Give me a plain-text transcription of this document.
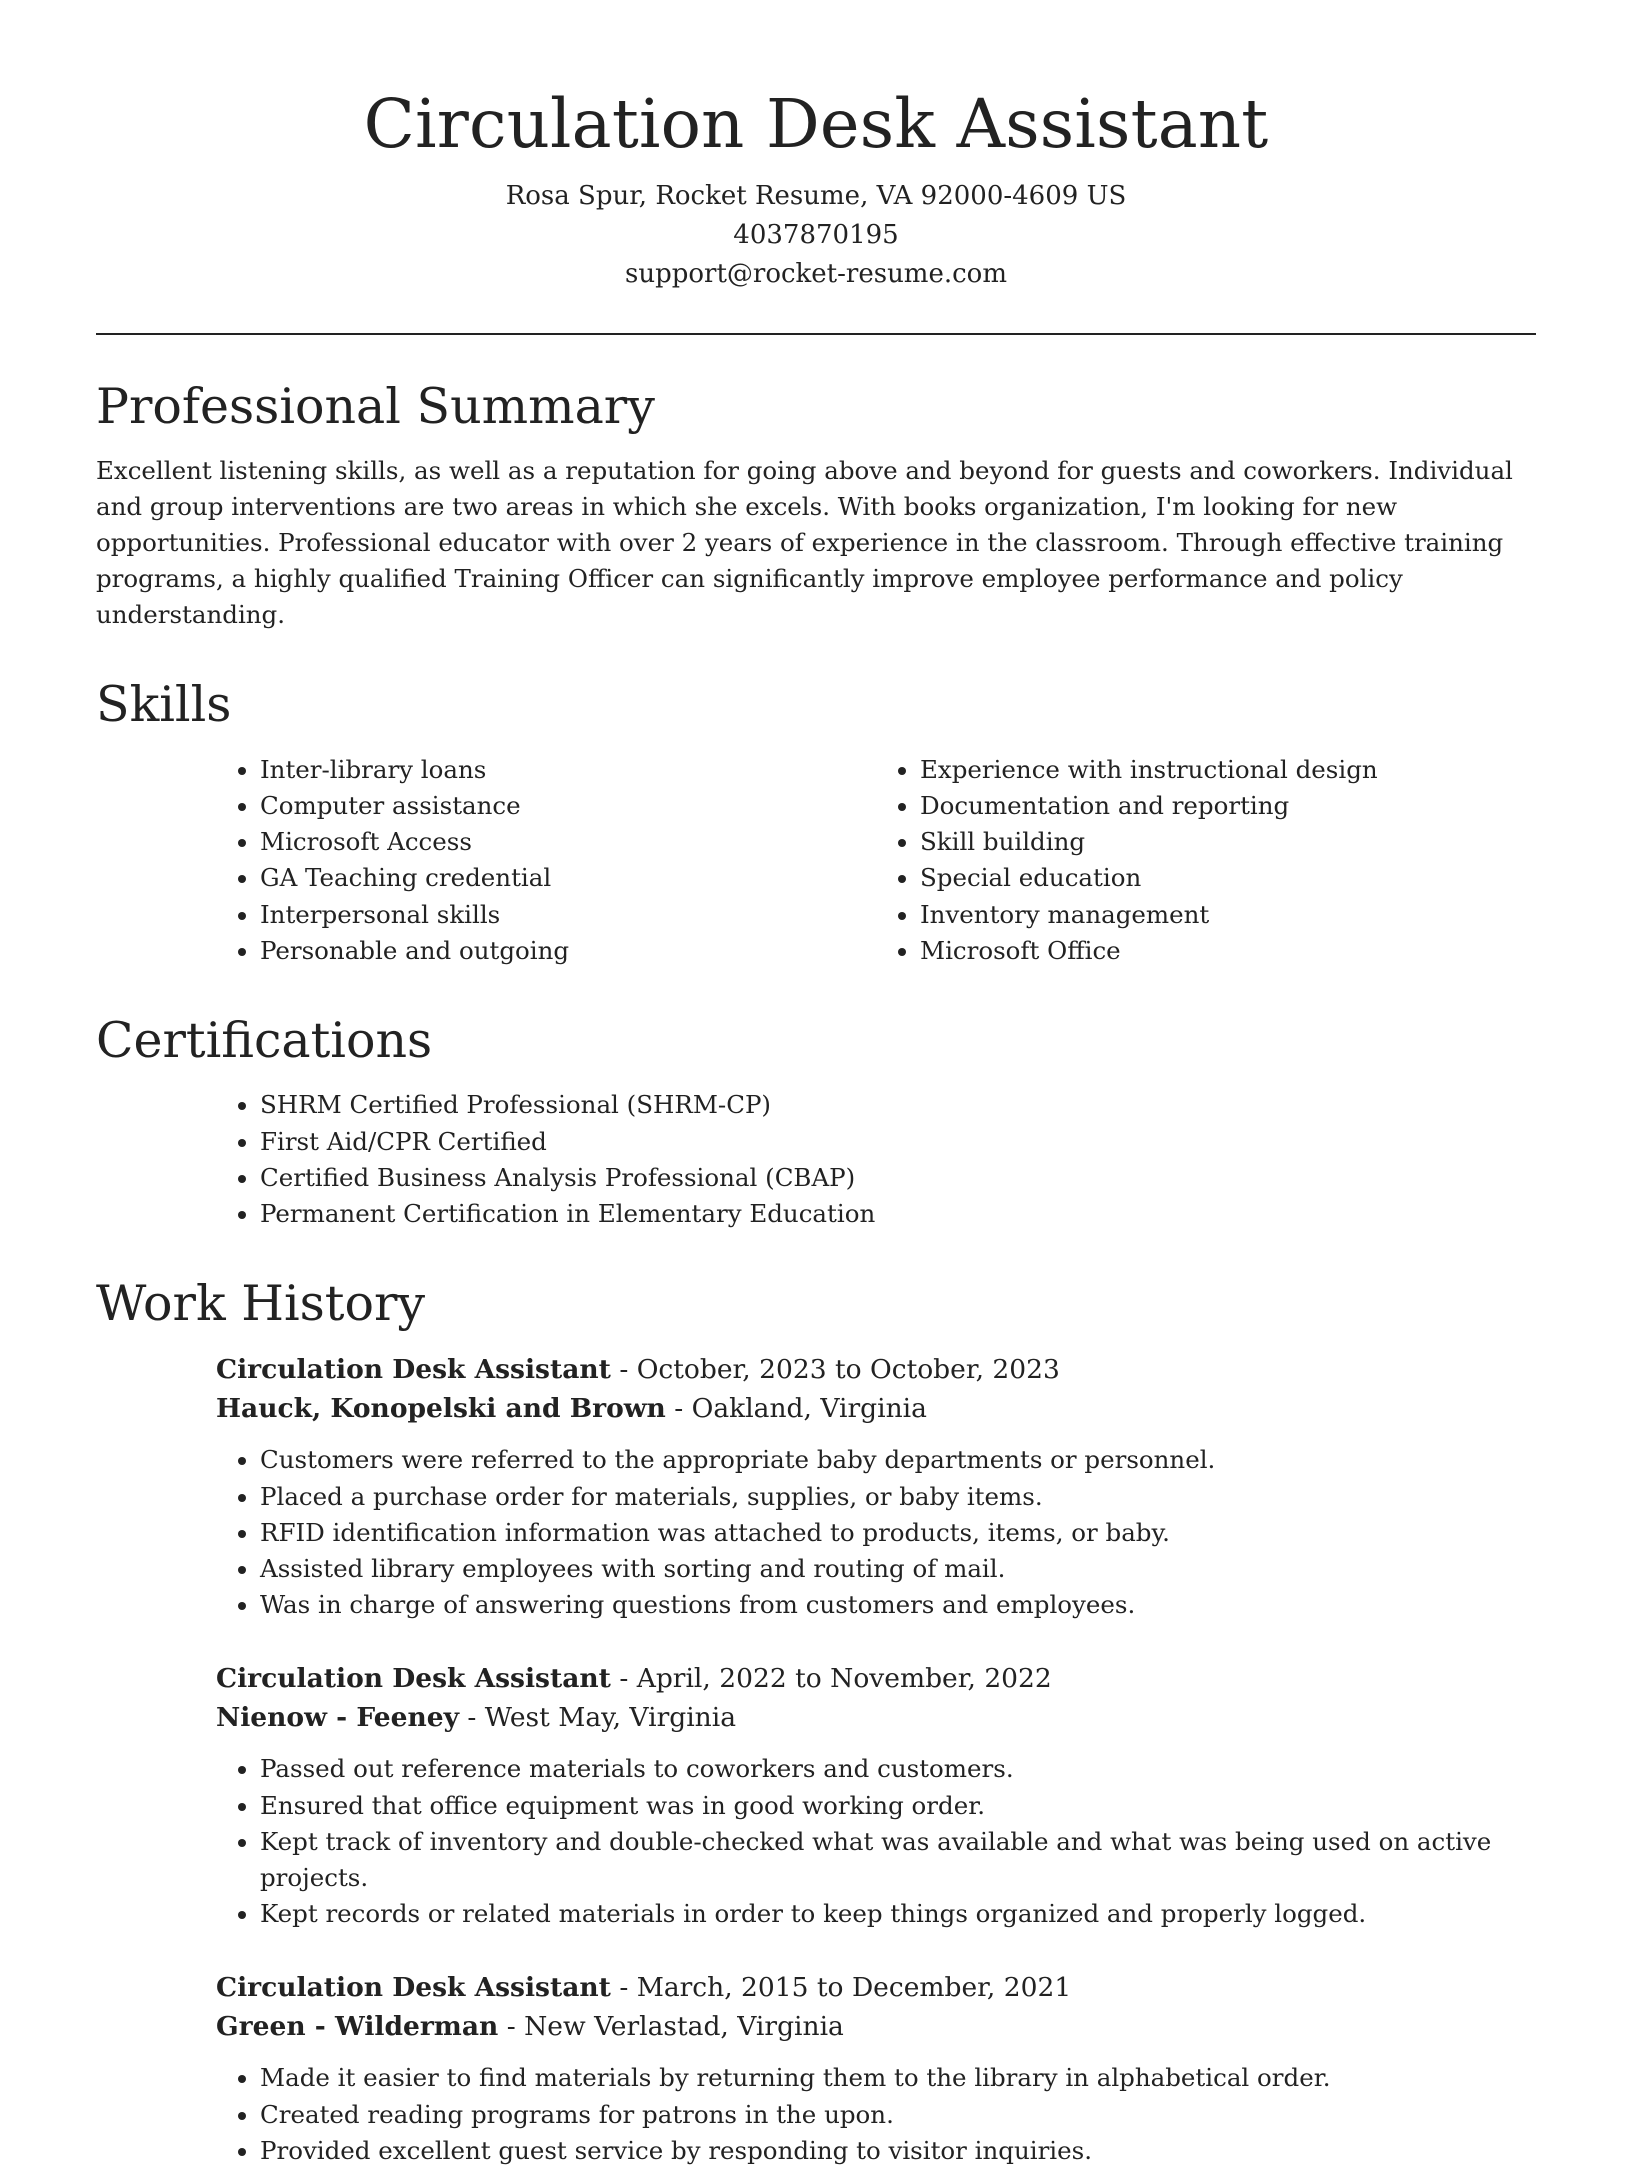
Circulation Desk Assistant
Rosa Spur, Rocket Resume, VA 92000-4609 US
4037870195
support@rocket-resume.com
Professional Summary

Excellent listening skills, as well as a reputation for going above and beyond for guests and coworkers. Individual and group interventions are two areas in which she excels. With books organization, I'm looking for new opportunities. Professional educator with over 2 years of experience in the classroom. Through effective training programs, a highly qualified Training Officer can significantly improve employee performance and policy understanding.

Skills
• Inter-library loans
• Computer assistance
• Microsoft Access
• GA Teaching credential
• Interpersonal skills
• Personable and outgoing
• Experience with instructional design
• Documentation and reporting
• Skill building
• Special education
• Inventory management
• Microsoft Office
Certifications
• SHRM Certified Professional (SHRM-CP)
• First Aid/CPR Certified
• Certified Business Analysis Professional (CBAP)
• Permanent Certification in Elementary Education
Work History
Circulation Desk Assistant - October, 2023 to October, 2023
Hauck, Konopelski and Brown - Oakland, Virginia
• Customers were referred to the appropriate baby departments or personnel.
• Placed a purchase order for materials, supplies, or baby items.
• RFID identification information was attached to products, items, or baby.
• Assisted library employees with sorting and routing of mail.
• Was in charge of answering questions from customers and employees.
Circulation Desk Assistant - April, 2022 to November, 2022
Nienow - Feeney - West May, Virginia
• Passed out reference materials to coworkers and customers.
• Ensured that office equipment was in good working order.
• Kept track of inventory and double-checked what was available and what was being used on active projects.
• Kept records or related materials in order to keep things organized and properly logged.
Circulation Desk Assistant - March, 2015 to December, 2021
Green - Wilderman - New Verlastad, Virginia
• Made it easier to find materials by returning them to the library in alphabetical order.
• Created reading programs for patrons in the upon.
• Provided excellent guest service by responding to visitor inquiries.
